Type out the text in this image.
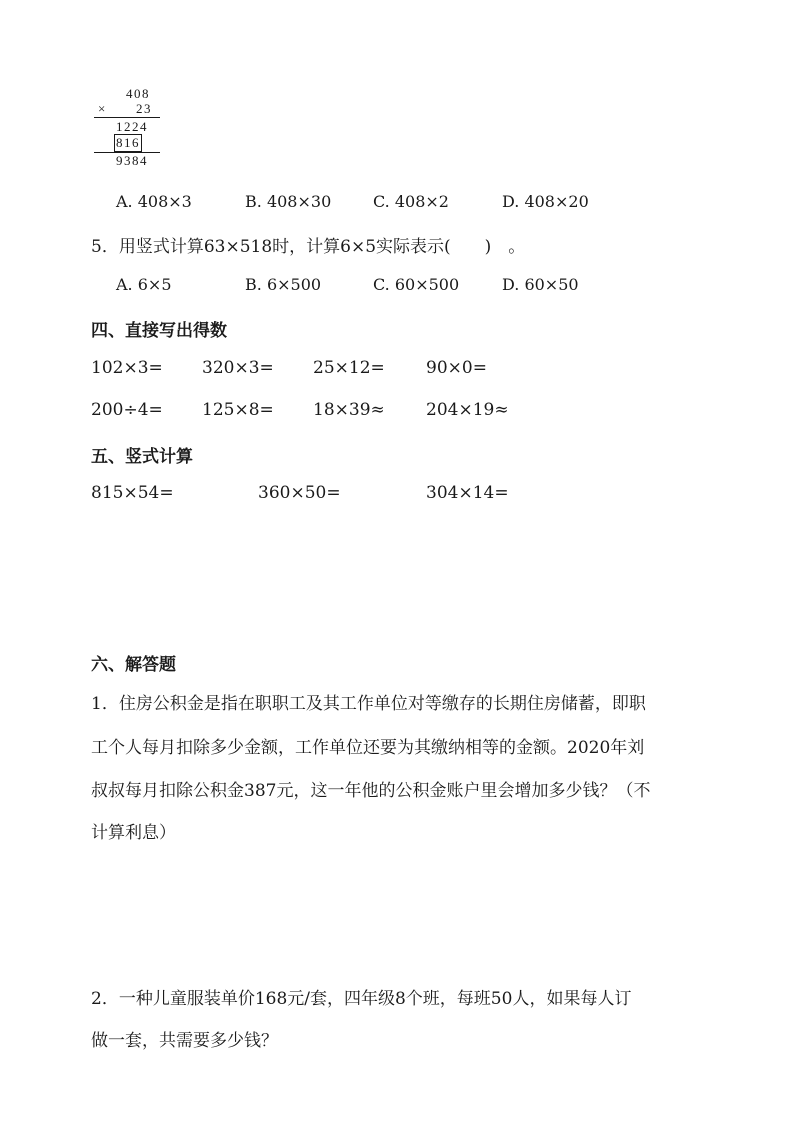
408
× 23
1224
816
9384
A. 408×3	B. 408×30	C. 408×2	D. 408×20
5．用竖式计算63×518时，计算6×5实际表示(　　)　。
A. 6×5	B. 6×500	C. 60×500	D. 60×50
四、直接写出得数
102×3= 320×3= 25×12= 90×0=
200÷4= 125×8= 18×39≈ 204×19≈
五、竖式计算
815×54=	360×50=	304×14=
六、解答题
1．住房公积金是指在职职工及其工作单位对等缴存的长期住房储蓄，即职
工个人每月扣除多少金额，工作单位还要为其缴纳相等的金额。2020年刘
叔叔每月扣除公积金387元，这一年他的公积金账户里会增加多少钱？（不
计算利息）
2．一种儿童服装单价168元/套，四年级8个班，每班50人，如果每人订
做一套，共需要多少钱？
